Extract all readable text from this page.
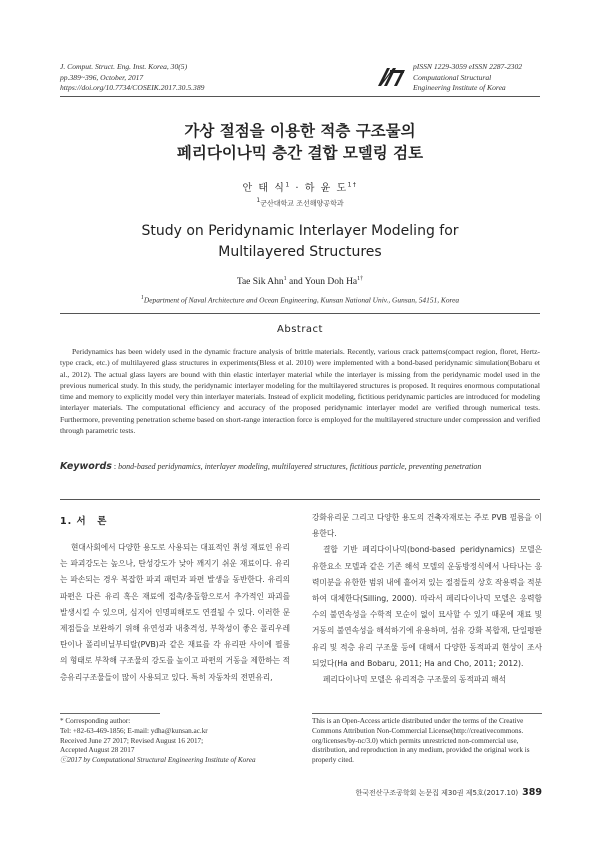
J. Comput. Struct. Eng. Inst. Korea, 30(5)
pp.389~396, October, 2017
https://doi.org/10.7734/COSEIK.2017.30.5.389
pISSN 1229-3059 eISSN 2287-2302
Computational Structural
Engineering Institute of Korea
가상 절점을 이용한 적층 구조물의
페리다이나믹 층간 결합 모델링 검토
안 태 식$^1$ · 하 윤 도$^{1\dagger}$
$^1$군산대학교 조선해양공학과
Study on Peridynamic Interlayer Modeling for
Multilayered Structures
Tae Sik Ahn$^1$ and Youn Doh $Ha^{1\dagger}$
$^1$Department of Naval Architecture and Ocean Engineering, Kunsan National Univ., Gunsan, 54151, Korea
Abstract
Peridynamics has been widely used in the dynamic fracture analysis of brittle materials. Recently, various crack patterns(compact region, floret, Hertz-type crack, etc.) of multilayered glass structures in experiments(Bless et al. 2010) were implemented with a bond-based peridynamic simulation(Bobaru et al., 2012). The actual glass layers are bound with thin elastic interlayer material while the interlayer is missing from the peridynamic model used in the previous numerical study. In this study, the peridynamic interlayer modeling for the multilayered structures is proposed. It requires enormous computational time and memory to explicitly model very thin interlayer materials. Instead of explicit modeling, fictitious peridynamic particles are introduced for modeling interlayer materials. The computational efficiency and accuracy of the proposed peridynamic interlayer model are verified through numerical tests. Furthermore, preventing penetration scheme based on short-range interaction force is employed for the multilayered structure under compression and verified through parametric tests.
Keywords : bond-based peridynamics, interlayer modeling, multilayered structures, fictitious particle, preventing penetration
1. 서　론
현대사회에서 다양한 용도로 사용되는 대표적인 취성 재료인 유리는 파괴강도는 높으나, 탄성강도가 낮아 깨지기 쉬운 재료이다. 유리는 파손되는 경우 복잡한 파괴 패턴과 파편 발생을 동반한다. 유리의 파편은 다른 유리 혹은 재료에 접촉/충돌함으로서 추가적인 파괴를 발생시킬 수 있으며, 심지어 인명피해로도 연결될 수 있다. 이러한 문제점들을 보완하기 위해 유연성과 내충격성, 부착성이 좋은 폴리우레탄이나 폴리비닐부티랄(PVB)과 같은 재료를 각 유리판 사이에 필름의 형태로 부착해 구조물의 강도를 높이고 파편의 거동을 제한하는 적층유리구조물들이 많이 사용되고 있다. 특히 자동차의 전면유리,
강화유리문 그리고 다양한 용도의 건축자재로는 주로 PVB 필름을 이용한다.
결합 기반 페리다이나믹(bond-based peridynamics) 모델은 유한요소 모델과 같은 기존 해석 모델의 운동방정식에서 나타나는 응력미분을 유한한 범위 내에 흩어져 있는 절점들의 상호 작용력을 적분하여 대체한다(Silling, 2000). 따라서 페리다이나믹 모델은 응력함수의 불연속성을 수학적 모순이 없이 묘사할 수 있기 때문에 재료 및 거동의 불연속성을 해석하기에 유용하며, 섬유 강화 복합재, 단일평판유리 및 적층 유리 구조물 등에 대해서 다양한 동적파괴 현상이 조사되었다(Ha and Bobaru, 2011; Ha and Cho, 2011; 2012).
페리다이나믹 모델은 유리적층 구조물의 동적파괴 해석
* Corresponding author:
Tel: +82-63-469-1856; E-mail: ydha@kunsan.ac.kr
Received June 27 2017; Revised August 16 2017;
Accepted August 28 2017
ⓒ2017 by Computational Structural Engineering Institute of Korea
This is an Open-Access article distributed under the terms of the Creative Commons Attribution Non-Commercial License(http://creativecommons. org/licenses/by-nc/3.0) which permits unrestricted non-commercial use, distribution, and reproduction in any medium, provided the original work is properly cited.
한국전산구조공학회 논문집 제30권 제5호(2017.10) 389
